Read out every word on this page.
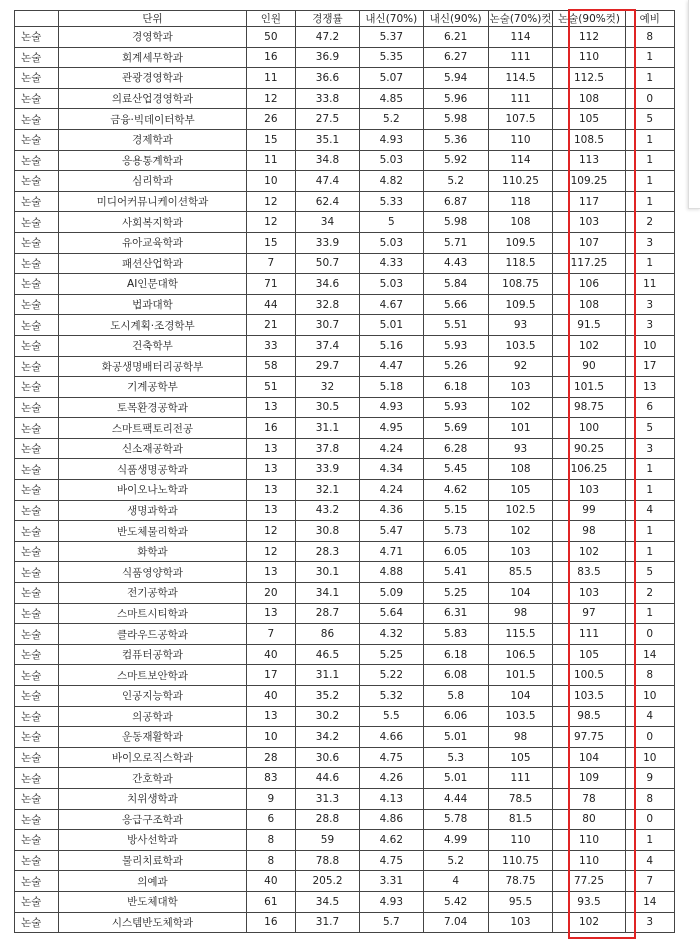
	단위	인원	경쟁률	내신(70%)	내신(90%)	논술(70%)컷	논술(90%컷)	예비
논술	경영학과	50	47.2	5.37	6.21	114	112	8
논술	회계세무학과	16	36.9	5.35	6.27	111	110	1
논술	관광경영학과	11	36.6	5.07	5.94	114.5	112.5	1
논술	의료산업경영학과	12	33.8	4.85	5.96	111	108	0
논술	금융·빅데이터학부	26	27.5	5.2	5.98	107.5	105	5
논술	경제학과	15	35.1	4.93	5.36	110	108.5	1
논술	응용통계학과	11	34.8	5.03	5.92	114	113	1
논술	심리학과	10	47.4	4.82	5.2	110.25	109.25	1
논술	미디어커뮤니케이션학과	12	62.4	5.33	6.87	118	117	1
논술	사회복지학과	12	34	5	5.98	108	103	2
논술	유아교육학과	15	33.9	5.03	5.71	109.5	107	3
논술	패션산업학과	7	50.7	4.33	4.43	118.5	117.25	1
논술	AI인문대학	71	34.6	5.03	5.84	108.75	106	11
논술	법과대학	44	32.8	4.67	5.66	109.5	108	3
논술	도시계획·조경학부	21	30.7	5.01	5.51	93	91.5	3
논술	건축학부	33	37.4	5.16	5.93	103.5	102	10
논술	화공생명배터리공학부	58	29.7	4.47	5.26	92	90	17
논술	기계공학부	51	32	5.18	6.18	103	101.5	13
논술	토목환경공학과	13	30.5	4.93	5.93	102	98.75	6
논술	스마트팩토리전공	16	31.1	4.95	5.69	101	100	5
논술	신소재공학과	13	37.8	4.24	6.28	93	90.25	3
논술	식품생명공학과	13	33.9	4.34	5.45	108	106.25	1
논술	바이오나노학과	13	32.1	4.24	4.62	105	103	1
논술	생명과학과	13	43.2	4.36	5.15	102.5	99	4
논술	반도체물리학과	12	30.8	5.47	5.73	102	98	1
논술	화학과	12	28.3	4.71	6.05	103	102	1
논술	식품영양학과	13	30.1	4.88	5.41	85.5	83.5	5
논술	전기공학과	20	34.1	5.09	5.25	104	103	2
논술	스마트시티학과	13	28.7	5.64	6.31	98	97	1
논술	클라우드공학과	7	86	4.32	5.83	115.5	111	0
논술	컴퓨터공학과	40	46.5	5.25	6.18	106.5	105	14
논술	스마트보안학과	17	31.1	5.22	6.08	101.5	100.5	8
논술	인공지능학과	40	35.2	5.32	5.8	104	103.5	10
논술	의공학과	13	30.2	5.5	6.06	103.5	98.5	4
논술	운동재활학과	10	34.2	4.66	5.01	98	97.75	0
논술	바이오로직스학과	28	30.6	4.75	5.3	105	104	10
논술	간호학과	83	44.6	4.26	5.01	111	109	9
논술	치위생학과	9	31.3	4.13	4.44	78.5	78	8
논술	응급구조학과	6	28.8	4.86	5.78	81.5	80	0
논술	방사선학과	8	59	4.62	4.99	110	110	1
논술	물리치료학과	8	78.8	4.75	5.2	110.75	110	4
논술	의예과	40	205.2	3.31	4	78.75	77.25	7
논술	반도체대학	61	34.5	4.93	5.42	95.5	93.5	14
논술	시스템반도체학과	16	31.7	5.7	7.04	103	102	3
